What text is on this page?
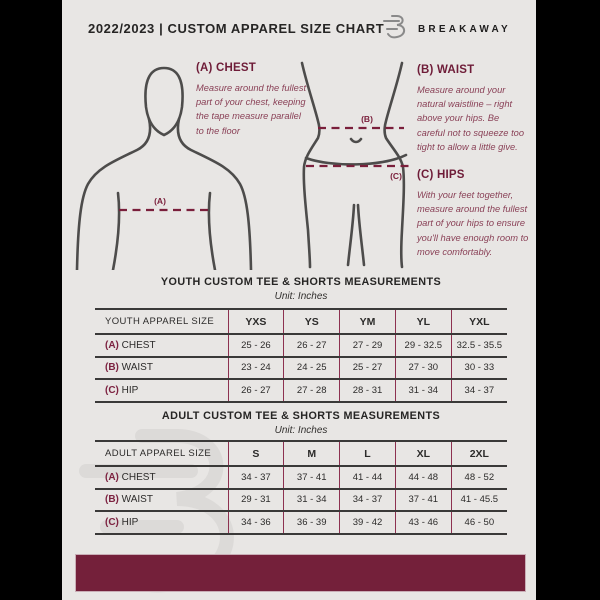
2022/2023 | CUSTOM APPAREL SIZE CHART	BREAKAWAY
(A) CHEST
Measure around the fullest part of your chest, keeping the tape measure parallel to the floor
(B) WAIST
Measure around your natural waistline – right above your hips. Be careful not to squeeze too tight to allow a little give.
(C) HIPS
With your feet together, measure around the fullest part of your hips to ensure you'll have enough room to move comfortably.
(A)
(B)
(C)
YOUTH CUSTOM TEE & SHORTS MEASUREMENTS
Unit: Inches
YOUTH APPAREL SIZE	YXS	YS	YM	YL	YXL
(A) CHEST	25 - 26	26 - 27	27 - 29	29 - 32.5	32.5 - 35.5
(B) WAIST	23 - 24	24 - 25	25 - 27	27 - 30	30 - 33
(C) HIP	26 - 27	27 - 28	28 - 31	31 - 34	34 - 37
ADULT CUSTOM TEE & SHORTS MEASUREMENTS
Unit: Inches
ADULT APPAREL SIZE	S	M	L	XL	2XL
(A) CHEST	34 - 37	37 - 41	41 - 44	44 - 48	48 - 52
(B) WAIST	29 - 31	31 - 34	34 - 37	37 - 41	41 - 45.5
(C) HIP	34 - 36	36 - 39	39 - 42	43 - 46	46 - 50
